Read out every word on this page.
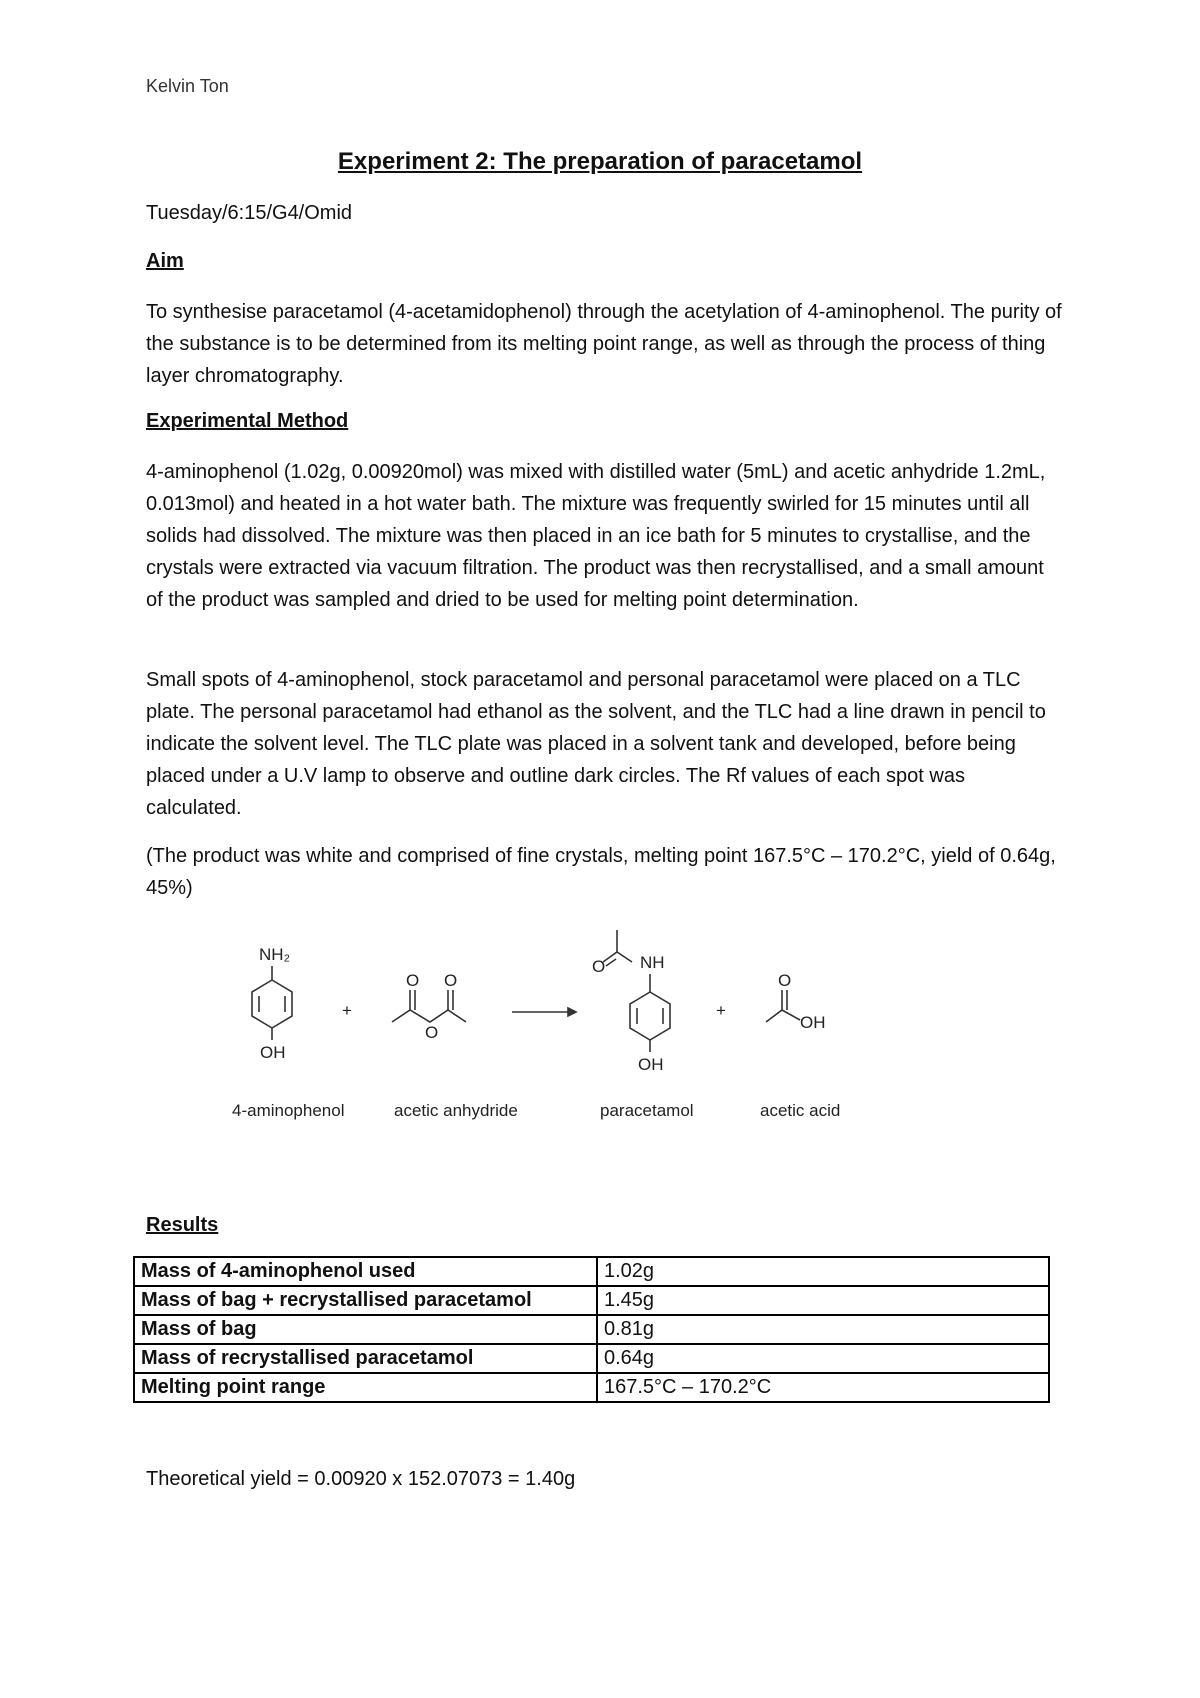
Kelvin Ton
Experiment 2: The preparation of paracetamol
Tuesday/6:15/G4/Omid
Aim

To synthesise paracetamol (4-acetamidophenol) through the acetylation of 4-aminophenol. The purity of the substance is to be determined from its melting point range, as well as through the process of thing layer chromatography.

Experimental Method

4-aminophenol (1.02g, 0.00920mol) was mixed with distilled water (5mL) and acetic anhydride 1.2mL, 0.013mol) and heated in a hot water bath. The mixture was frequently swirled for 15 minutes until all solids had dissolved. The mixture was then placed in an ice bath for 5 minutes to crystallise, and the crystals were extracted via vacuum filtration. The product was then recrystallised, and a small amount of the product was sampled and dried to be used for melting point determination.

Small spots of 4-aminophenol, stock paracetamol and personal paracetamol were placed on a TLC plate. The personal paracetamol had ethanol as the solvent, and the TLC had a line drawn in pencil to indicate the solvent level. The TLC plate was placed in a solvent tank and developed, before being placed under a U.V lamp to observe and outline dark circles. The Rf values of each spot was calculated.

(The product was white and comprised of fine crystals, melting point 167.5°C – 170.2°C, yield of 0.64g, 45%)

NH₂
OH
+
O O
O
O NH
OH
+
O
OH
4-aminophenol	acetic anhydride	paracetamol	acetic acid
Results
Mass of 4-aminophenol used	1.02g
Mass of bag + recrystallised paracetamol	1.45g
Mass of bag	0.81g
Mass of recrystallised paracetamol	0.64g
Melting point range	167.5°C – 170.2°C
Theoretical yield = 0.00920 x 152.07073 = 1.40g
